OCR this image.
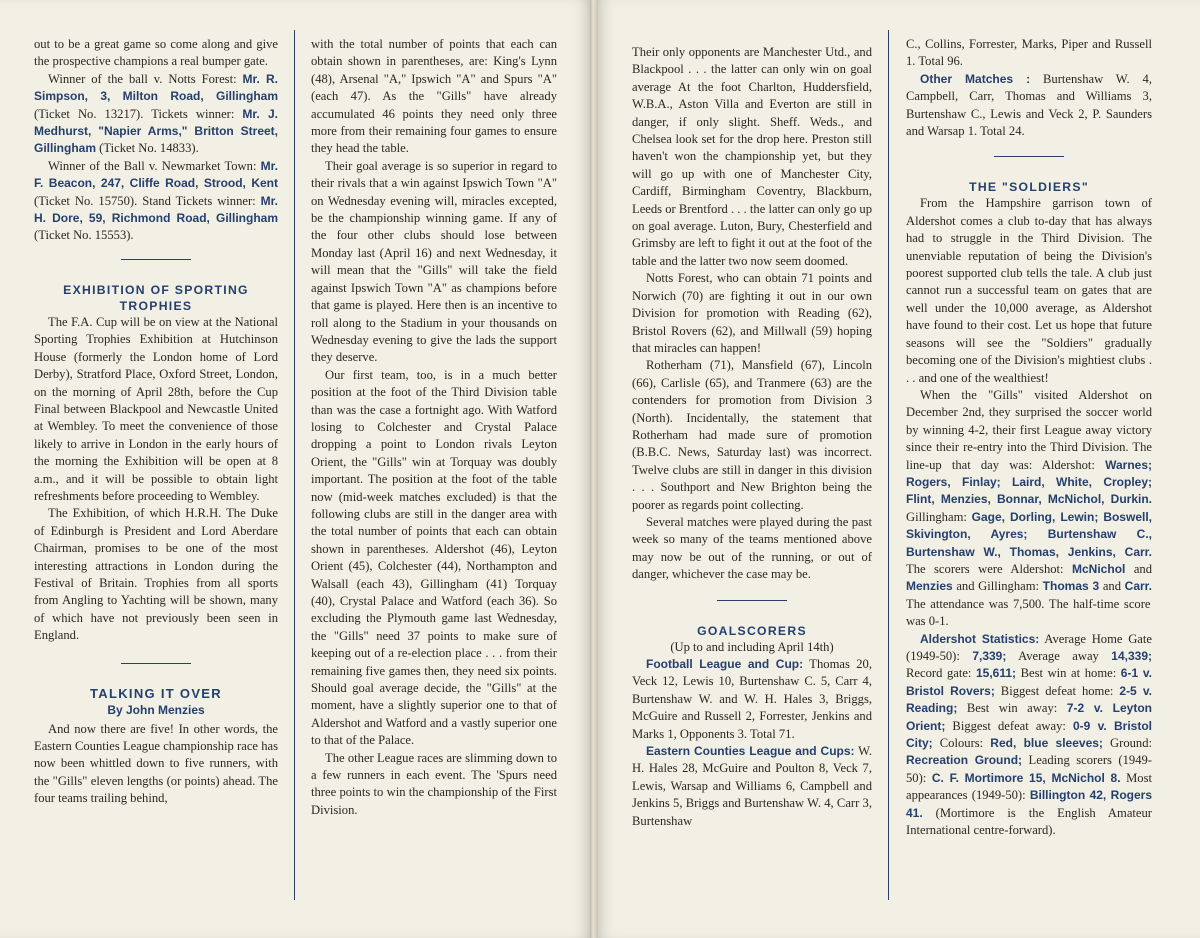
out to be a great game so come along and give the prospective champions a real bumper gate.

Winner of the ball v. Notts Forest: Mr. R. Simpson, 3, Milton Road, Gillingham (Ticket No. 13217). Tickets winner: Mr. J. Medhurst, "Napier Arms," Britton Street, Gillingham (Ticket No. 14833).

Winner of the Ball v. Newmarket Town: Mr. F. Beacon, 247, Cliffe Road, Strood, Kent (Ticket No. 15750). Stand Tickets winner: Mr. H. Dore, 59, Richmond Road, Gillingham (Ticket No. 15553).

EXHIBITION OF SPORTING TROPHIES

The F.A. Cup will be on view at the National Sporting Trophies Exhibition at Hutchinson House (formerly the London home of Lord Derby), Stratford Place, Oxford Street, London, on the morning of April 28th, before the Cup Final between Blackpool and Newcastle United at Wembley. To meet the convenience of those likely to arrive in London in the early hours of the morning the Exhibition will be open at 8 a.m., and it will be possible to obtain light refreshments before proceeding to Wembley.

The Exhibition, of which H.R.H. The Duke of Edinburgh is President and Lord Aberdare Chairman, promises to be one of the most interesting attractions in London during the Festival of Britain. Trophies from all sports from Angling to Yachting will be shown, many of which have not previously been seen in England.

TALKING IT OVER
By John Menzies

And now there are five! In other words, the Eastern Counties League championship race has now been whittled down to five runners, with the "Gills" eleven lengths (or points) ahead. The four teams trailing behind,

with the total number of points that each can obtain shown in parentheses, are: King's Lynn (48), Arsenal "A," Ipswich "A" and Spurs "A" (each 47). As the "Gills" have already accumulated 46 points they need only three more from their remaining four games to ensure they head the table.

Their goal average is so superior in regard to their rivals that a win against Ipswich Town "A" on Wednesday evening will, miracles excepted, be the championship winning game. If any of the four other clubs should lose between Monday last (April 16) and next Wednesday, it will mean that the "Gills" will take the field against Ipswich Town "A" as champions before that game is played. Here then is an incentive to roll along to the Stadium in your thousands on Wednesday evening to give the lads the support they deserve.

Our first team, too, is in a much better position at the foot of the Third Division table than was the case a fortnight ago. With Watford losing to Colchester and Crystal Palace dropping a point to London rivals Leyton Orient, the "Gills" win at Torquay was doubly important. The position at the foot of the table now (mid-week matches excluded) is that the following clubs are still in the danger area with the total number of points that each can obtain shown in parentheses. Aldershot (46), Leyton Orient (45), Colchester (44), Northampton and Walsall (each 43), Gillingham (41) Torquay (40), Crystal Palace and Watford (each 36). So excluding the Plymouth game last Wednesday, the "Gills" need 37 points to make sure of keeping out of a re-election place . . . from their remaining five games then, they need six points. Should goal average decide, the "Gills" at the moment, have a slightly superior one to that of Aldershot and Watford and a vastly superior one to that of the Palace.

The other League races are slimming down to a few runners in each event. The 'Spurs need three points to win the championship of the First Division.

Their only opponents are Manchester Utd., and Blackpool . . . the latter can only win on goal average At the foot Charlton, Huddersfield, W.B.A., Aston Villa and Everton are still in danger, if only slight. Sheff. Weds., and Chelsea look set for the drop here. Preston still haven't won the championship yet, but they will go up with one of Manchester City, Cardiff, Birmingham Coventry, Blackburn, Leeds or Brentford . . . the latter can only go up on goal average. Luton, Bury, Chesterfield and Grimsby are left to fight it out at the foot of the table and the latter two now seem doomed.

Notts Forest, who can obtain 71 points and Norwich (70) are fighting it out in our own Division for promotion with Reading (62), Bristol Rovers (62), and Millwall (59) hoping that miracles can happen!

Rotherham (71), Mansfield (67), Lincoln (66), Carlisle (65), and Tranmere (63) are the contenders for promotion from Division 3 (North). Incidentally, the statement that Rotherham had made sure of promotion (B.B.C. News, Saturday last) was incorrect. Twelve clubs are still in danger in this division . . . Southport and New Brighton being the poorer as regards point collecting.

Several matches were played during the past week so many of the teams mentioned above may now be out of the running, or out of danger, whichever the case may be.

GOALSCORERS

(Up to and including April 14th)

Football League and Cup: Thomas 20, Veck 12, Lewis 10, Burtenshaw C. 5, Carr 4, Burtenshaw W. and W. H. Hales 3, Briggs, McGuire and Russell 2, Forrester, Jenkins and Marks 1, Opponents 3. Total 71.

Eastern Counties League and Cups: W. H. Hales 28, McGuire and Poulton 8, Veck 7, Lewis, Warsap and Williams 6, Campbell and Jenkins 5, Briggs and Burtenshaw W. 4, Carr 3, Burtenshaw

C., Collins, Forrester, Marks, Piper and Russell 1. Total 96.

Other Matches : Burtenshaw W. 4, Campbell, Carr, Thomas and Williams 3, Burtenshaw C., Lewis and Veck 2, P. Saunders and Warsap 1. Total 24.

THE "SOLDIERS"

From the Hampshire garrison town of Aldershot comes a club to-day that has always had to struggle in the Third Division. The unenviable reputation of being the Division's poorest supported club tells the tale. A club just cannot run a successful team on gates that are well under the 10,000 average, as Aldershot have found to their cost. Let us hope that future seasons will see the "Soldiers" gradually becoming one of the Division's mightiest clubs . . . and one of the wealthiest!

When the "Gills" visited Aldershot on December 2nd, they surprised the soccer world by winning 4-2, their first League away victory since their re-entry into the Third Division. The line-up that day was: Aldershot: Warnes; Rogers, Finlay; Laird, White, Cropley; Flint, Menzies, Bonnar, McNichol, Durkin. Gillingham: Gage, Dorling, Lewin; Boswell, Skivington, Ayres; Burtenshaw C., Burtenshaw W., Thomas, Jenkins, Carr. The scorers were Aldershot: McNichol and Menzies and Gillingham: Thomas 3 and Carr. The attendance was 7,500. The half-time score was 0-1.

Aldershot Statistics: Average Home Gate (1949-50): 7,339; Average away 14,339; Record gate: 15,611; Best win at home: 6-1 v. Bristol Rovers; Biggest defeat home: 2-5 v. Reading; Best win away: 7-2 v. Leyton Orient; Biggest defeat away: 0-9 v. Bristol City; Colours: Red, blue sleeves; Ground: Recreation Ground; Leading scorers (1949-50): C. F. Mortimore 15, McNichol 8. Most appearances (1949-50): Billington 42, Rogers 41. (Mortimore is the English Amateur International centre-forward).
